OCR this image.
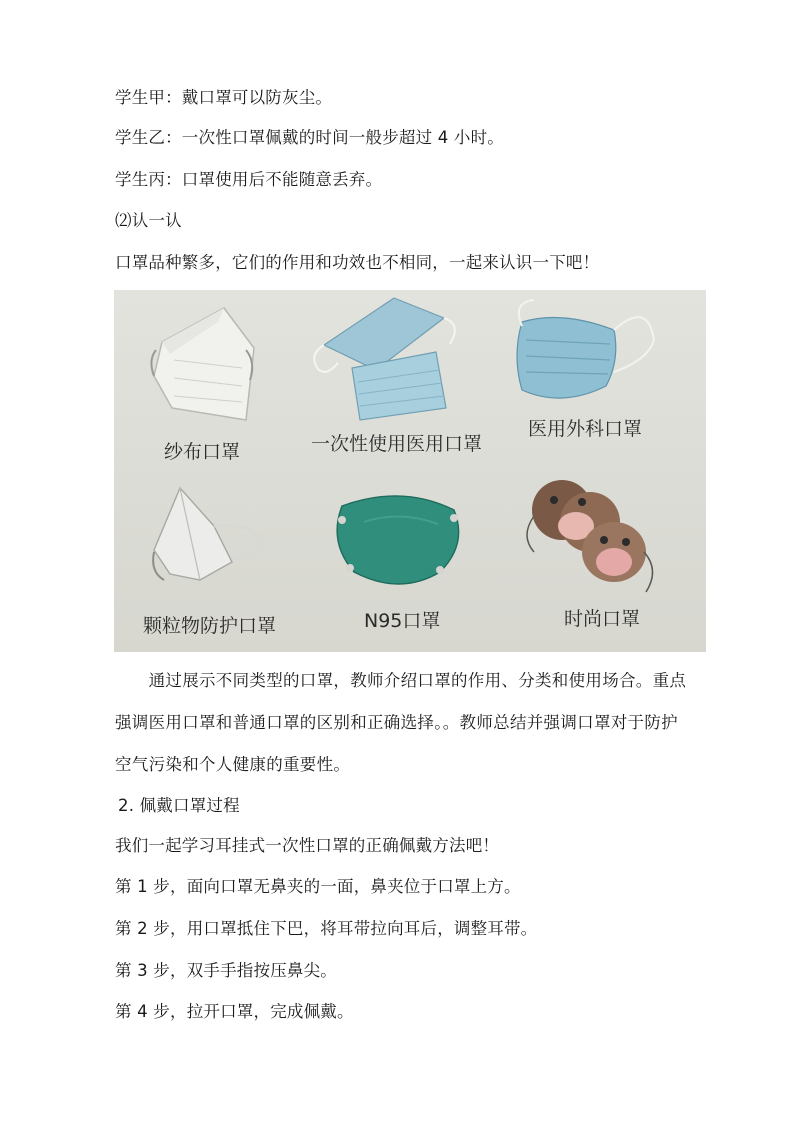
学生甲：戴口罩可以防灰尘。
学生乙：一次性口罩佩戴的时间一般步超过 4 小时。
学生丙：口罩使用后不能随意丢弃。
⑵认一认
口罩品种繁多，它们的作用和功效也不相同，一起来认识一下吧！
纱布口罩	一次性使用医用口罩
医用外科口罩
颗粒物防护口罩	N95口罩	时尚口罩
　　通过展示不同类型的口罩，教师介绍口罩的作用、分类和使用场合。重点
强调医用口罩和普通口罩的区别和正确选择。。教师总结并强调口罩对于防护
空气污染和个人健康的重要性。
2. 佩戴口罩过程
我们一起学习耳挂式一次性口罩的正确佩戴方法吧！
第 1 步，面向口罩无鼻夹的一面，鼻夹位于口罩上方。
第 2 步，用口罩抵住下巴，将耳带拉向耳后，调整耳带。
第 3 步，双手手指按压鼻尖。
第 4 步，拉开口罩，完成佩戴。
